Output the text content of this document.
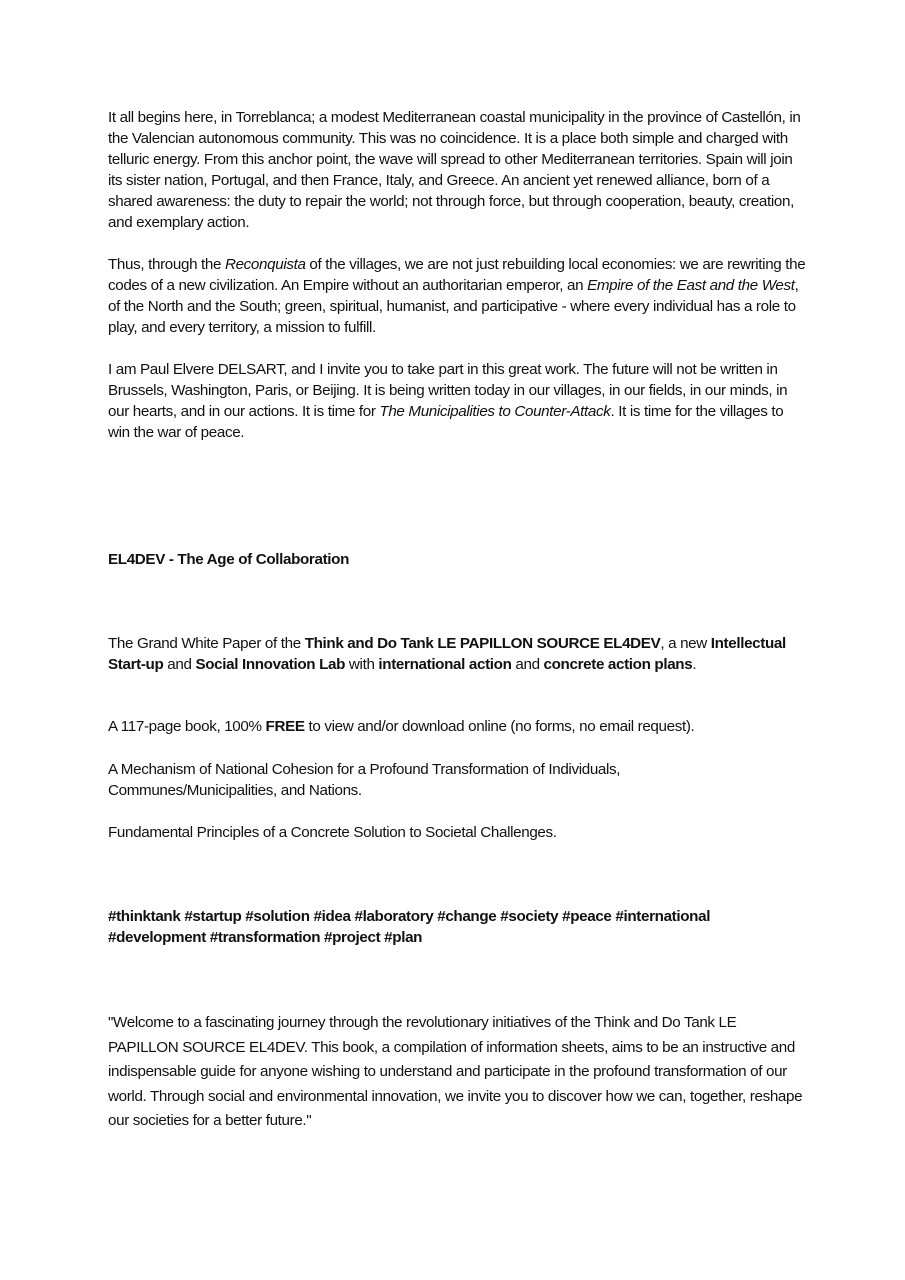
It all begins here, in Torreblanca; a modest Mediterranean coastal municipality in the province of Castellón, in the Valencian autonomous community. This was no coincidence. It is a place both simple and charged with telluric energy. From this anchor point, the wave will spread to other Mediterranean territories. Spain will join its sister nation, Portugal, and then France, Italy, and Greece. An ancient yet renewed alliance, born of a shared awareness: the duty to repair the world; not through force, but through cooperation, beauty, creation, and exemplary action.

Thus, through the Reconquista of the villages, we are not just rebuilding local economies: we are rewriting the codes of a new civilization. An Empire without an authoritarian emperor, an Empire of the East and the West, of the North and the South; green, spiritual, humanist, and participative - where every individual has a role to play, and every territory, a mission to fulfill.

I am Paul Elvere DELSART, and I invite you to take part in this great work. The future will not be written in Brussels, Washington, Paris, or Beijing. It is being written today in our villages, in our fields, in our minds, in our hearts, and in our actions. It is time for The Municipalities to Counter-Attack. It is time for the villages to win the war of peace.

EL4DEV - The Age of Collaboration

The Grand White Paper of the Think and Do Tank LE PAPILLON SOURCE EL4DEV, a new Intellectual Start-up and Social Innovation Lab with international action and concrete action plans.

A 117-page book, 100% FREE to view and/or download online (no forms, no email request).

A Mechanism of National Cohesion for a Profound Transformation of Individuals, Communes/Municipalities, and Nations.

Fundamental Principles of a Concrete Solution to Societal Challenges.

#thinktank #startup #solution #idea #laboratory #change #society #peace #international #development #transformation #project #plan

"Welcome to a fascinating journey through the revolutionary initiatives of the Think and Do Tank LE PAPILLON SOURCE EL4DEV. This book, a compilation of information sheets, aims to be an instructive and indispensable guide for anyone wishing to understand and participate in the profound transformation of our world. Through social and environmental innovation, we invite you to discover how we can, together, reshape our societies for a better future."
